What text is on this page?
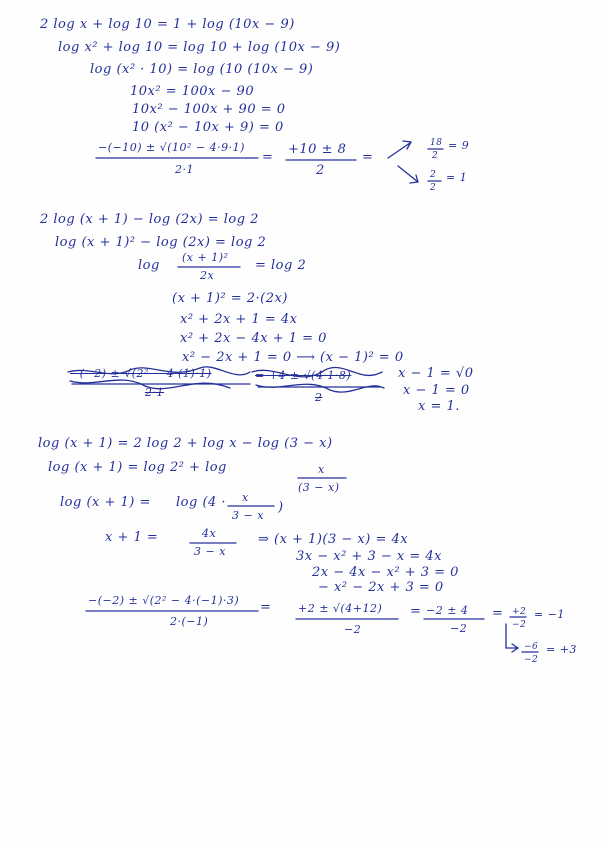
2 log x + log 10 = 1 + log (10x − 9)
log x² + log 10 = log 10 + log (10x − 9)
log (x² · 10) = log (10 (10x − 9)
10x² = 100x − 90
10x² − 100x + 90 = 0
10 (x² − 10x + 9) = 0
−(−10) ± √(10² − 4·9·1)
2·1
=
+10 ± 8
2
=
18
2
= 9
2
2
= 1
2 log (x + 1) − log (2x) = log 2
log (x + 1)² − log (2x) = log 2
log
(x + 1)²
2x
= log 2
(x + 1)² = 2·(2x)
x² + 2x + 1 = 4x
x² + 2x − 4x + 1 = 0
x² − 2x + 1 = 0 ⟶ (x − 1)² = 0
−(−2) ± √(2² − 4·(1)·1)
2·1
= +4 ± √(4·1·8)
2
x − 1 = √0
x − 1 = 0
x = 1.
log (x + 1) = 2 log 2 + log x − log (3 − x)
log (x + 1) = log 2² + log	x
(3 − x)
log (x + 1) = log (4 · x
3 − x
)
x + 1 =	4x
3 − x
⇒ (x + 1)(3 − x) = 4x
3x − x² + 3 − x = 4x
2x − 4x − x² + 3 = 0
− x² − 2x + 3 = 0
−(−2) ± √(2² − 4·(−1)·3)
2·(−1)
= +2 ± √(4+12)
−2
= −2 ± 4
−2
= +2
−2
= −1
−6
−2
= +3
